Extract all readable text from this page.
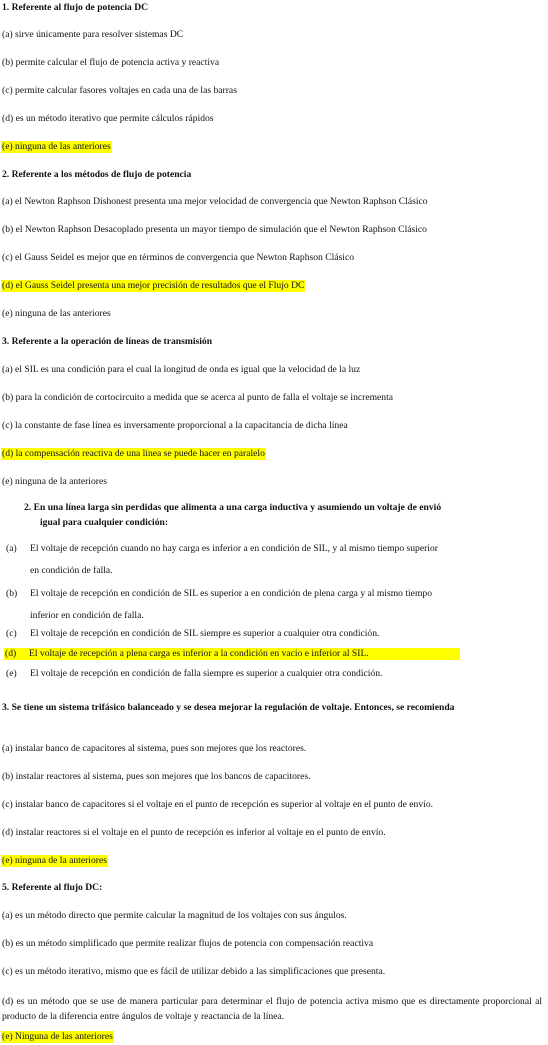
1. Referente al flujo de potencia DC
(a) sirve únicamente para resolver sistemas DC
(b) permite calcular el flujo de potencia activa y reactiva
(c) permite calcular fasores voltajes en cada una de las barras
(d) es un método iterativo que permite cálculos rápidos
(e) ninguna de las anteriores
2. Referente a los métodos de flujo de potencia
(a) el Newton Raphson Dishonest presenta una mejor velocidad de convergencia que Newton Raphson Clásico
(b) el Newton Raphson Desacoplado presenta un mayor tiempo de simulación que el Newton Raphson Clásico
(c) el Gauss Seidel es mejor que en términos de convergencia que Newton Raphson Clásico
(d) el Gauss Seidel presenta una mejor precisión de resultados que el Flujo DC
(e) ninguna de las anteriores
3. Referente a la operación de líneas de transmisión
(a) el SIL es una condición para el cual la longitud de onda es igual que la velocidad de la luz
(b) para la condición de cortocircuito a medida que se acerca al punto de falla el voltaje se incrementa
(c) la constante de fase línea es inversamente proporcional a la capacitancia de dicha línea
(d) la compensación reactiva de una línea se puede hacer en paralelo
(e) ninguna de la anteriores
2. En una línea larga sin perdidas que alimenta a una carga inductiva y asumiendo un voltaje de envió
igual para cualquier condición:
(a) El voltaje de recepción cuando no hay carga es inferior a en condición de SIL, y al mismo tiempo superior
en condición de falla.
(b) El voltaje de recepción en condición de SIL es superior a en condición de plena carga y al mismo tiempo
inferior en condición de falla.
(c) El voltaje de recepción en condición de SIL siempre es superior a cualquier otra condición.
(d) El voltaje de recepción a plena carga es inferior a la condición en vacío e inferior al SIL.
(e) El voltaje de recepción en condición de falla siempre es superior a cualquier otra condición.
3. Se tiene un sistema trifásico balanceado y se desea mejorar la regulación de voltaje. Entonces, se recomienda
(a) instalar banco de capacitores al sistema, pues son mejores que los reactores.
(b) instalar reactores al sistema, pues son mejores que los bancos de capacitores.
(c) instalar banco de capacitores si el voltaje en el punto de recepción es superior al voltaje en el punto de envío.
(d) instalar reactores si el voltaje en el punto de recepción es inferior al voltaje en el punto de envío.
(e) ninguna de la anteriores
5. Referente al flujo DC:
(a) es un método directo que permite calcular la magnitud de los voltajes con sus ángulos.
(b) es un método simplificado que permite realizar flujos de potencia con compensación reactiva
(c) es un método iterativo, mismo que es fácil de utilizar debido a las simplificaciones que presenta.
(d) es un método que se use de manera particular para determinar el flujo de potencia activa mismo que es directamente proporcional al producto de la diferencia entre ángulos de voltaje y reactancia de la línea.
(e) Ninguna de las anteriores
